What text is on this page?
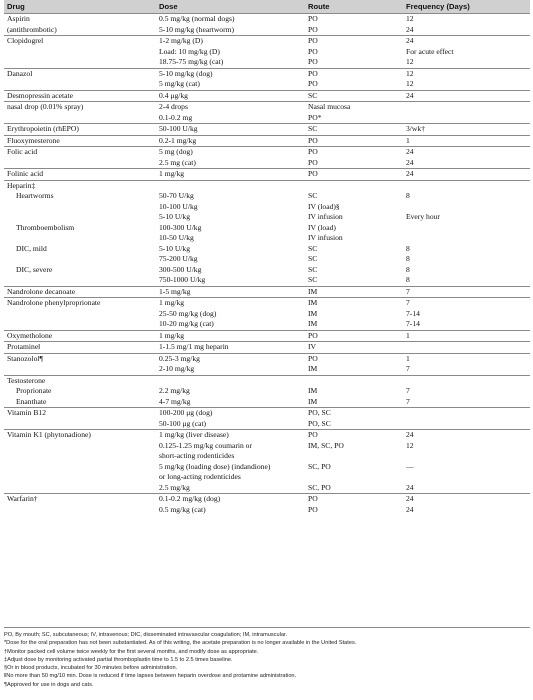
Drug	Dose	Route	Frequency (Days)
Aspirin	0.5 mg/kg (normal dogs)	PO	12
(antithrombotic)	5-10 mg/kg (heartworm)	PO	24
Clopidogrel	1-2 mg/kg (D)	PO	24
	Load: 10 mg/kg (D)	PO	For acute effect
	18.75-75 mg/kg (cat)	PO	12
Danazol	5-10 mg/kg (dog)	PO	12
	5 mg/kg (cat)	PO	12
Desmopressin acetate	0.4 μg/kg	SC	24
nasal drop (0.01% spray)	2-4 drops	Nasal mucosa	
	0.1-0.2 mg	PO*	
Erythropoietin (rhEPO)	50-100 U/kg	SC	3/wk†
Fluoxymesterone	0.2-1 mg/kg	PO	1
Folic acid	5 mg (dog)	PO	24
	2.5 mg (cat)	PO	24
Folinic acid	1 mg/kg	PO	24
Heparin‡			
Heartworms	50-70 U/kg	SC	8
	10-100 U/kg	IV (load)§	
	5-10 U/kg	IV infusion	Every hour
Thromboembolism	100-300 U/kg	IV (load)	
	10-50 U/kg	IV infusion	
DIC, mild	5-10 U/kg	SC	8
	75-200 U/kg	SC	8
DIC, severe	300-500 U/kg	SC	8
	750-1000 U/kg	SC	8
Nandrolone decanoate	1-5 mg/kg	IM	7
Nandrolone phenylproprionate	1 mg/kg	IM	7
	25-50 mg/kg (dog)	IM	7-14
	10-20 mg/kg (cat)	IM	7-14
Oxymetholone	1 mg/kg	PO	1
Protamine‖	1-1.5 mg/1 mg heparin	IV	
Stanozolol¶	0.25-3 mg/kg	PO	1
	2-10 mg/kg	IM	7
Testosterone			
Proprionate	2.2 mg/kg	IM	7
Enanthate	4-7 mg/kg	IM	7
Vitamin B12	100-200 μg (dog)	PO, SC	
	50-100 μg (cat)	PO, SC	
Vitamin K1 (phytonadione)	1 mg/kg (liver disease)	PO	24
	0.125-1.25 mg/kg coumarin or	IM, SC, PO	12
	short-acting rodenticides		
	5 mg/kg (loading dose) (indandione)	SC, PO	—
	or long-acting rodenticides		
	2.5 mg/kg	SC, PO	24
Warfarin†	0.1-0.2 mg/kg (dog)	PO	24
	0.5 mg/kg (cat)	PO	24
PO, By mouth; SC, subcutaneous; IV, intravenous; DIC, disseminated intravascular coagulation; IM, intramuscular.
*Dose for the oral preparation has not been substantiated. As of this writing, the acetate preparation is no longer available in the United States.
†Monitor packed cell volume twice weekly for the first several months, and modify dose as appropriate.
‡Adjust dose by monitoring activated partial thromboplastin time to 1.5 to 2.5 times baseline.
§Or in blood products, incubated for 30 minutes before administration.
‖No more than 50 mg/10 min. Dose is reduced if time lapses between heparin overdose and protamine administration.
¶Approved for use in dogs and cats.
